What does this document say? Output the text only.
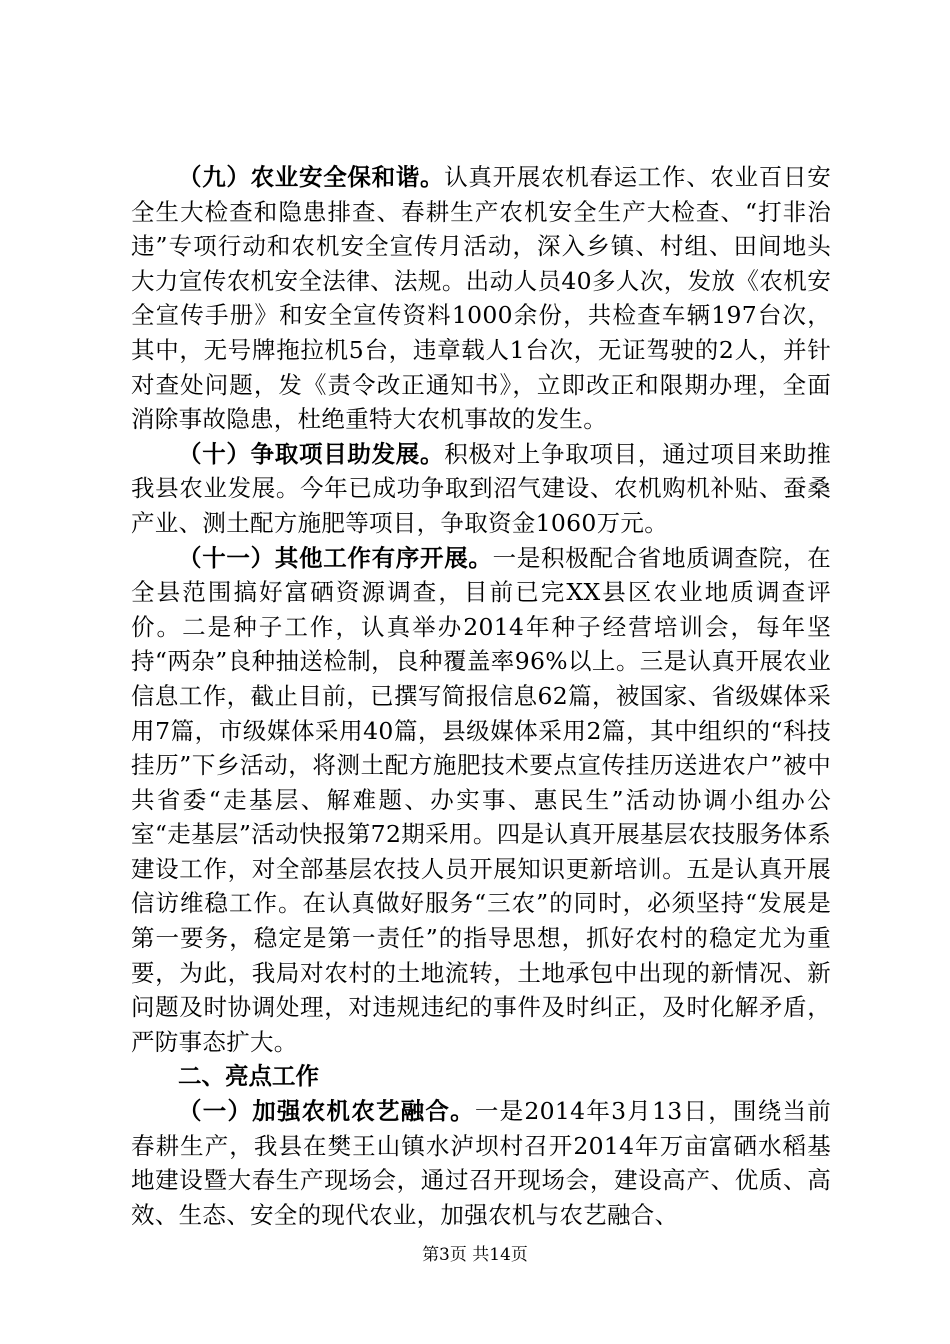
（九）农业安全保和谐。认真开展农机春运工作、农业百日安全生大检查和隐患排查、春耕生产农机安全生产大检查、“打非治违”专项行动和农机安全宣传月活动，深入乡镇、村组、田间地头大力宣传农机安全法律、法规。出动人员40多人次，发放《农机安全宣传手册》和安全宣传资料1000余份，共检查车辆197台次，其中，无号牌拖拉机5台，违章载人1台次，无证驾驶的2人，并针对查处问题，发《责令改正通知书》，立即改正和限期办理，全面消除事故隐患，杜绝重特大农机事故的发生。

（十）争取项目助发展。积极对上争取项目，通过项目来助推我县农业发展。今年已成功争取到沼气建设、农机购机补贴、蚕桑产业、测土配方施肥等项目，争取资金1060万元。

（十一）其他工作有序开展。一是积极配合省地质调查院，在全县范围搞好富硒资源调查，目前已完XX县区农业地质调查评价。二是种子工作，认真举办2014年种子经营培训会，每年坚持“两杂”良种抽送检制，良种覆盖率96%以上。三是认真开展农业信息工作，截止目前，已撰写简报信息62篇，被国家、省级媒体采用7篇，市级媒体采用40篇，县级媒体采用2篇，其中组织的“科技挂历”下乡活动，将测土配方施肥技术要点宣传挂历送进农户”被中共省委“走基层、解难题、办实事、惠民生”活动协调小组办公室“走基层”活动快报第72期采用。四是认真开展基层农技服务体系建设工作，对全部基层农技人员开展知识更新培训。五是认真开展信访维稳工作。在认真做好服务“三农”的同时，必须坚持“发展是第一要务，稳定是第一责任”的指导思想，抓好农村的稳定尤为重要，为此，我局对农村的土地流转，土地承包中出现的新情况、新问题及时协调处理，对违规违纪的事件及时纠正，及时化解矛盾，严防事态扩大。

二、亮点工作

（一）加强农机农艺融合。一是2014年3月13日，围绕当前春耕生产，我县在樊王山镇水泸坝村召开2014年万亩富硒水稻基地建设暨大春生产现场会，通过召开现场会，建设高产、优质、高效、生态、安全的现代农业，加强农机与农艺融合、

第3页 共14页
